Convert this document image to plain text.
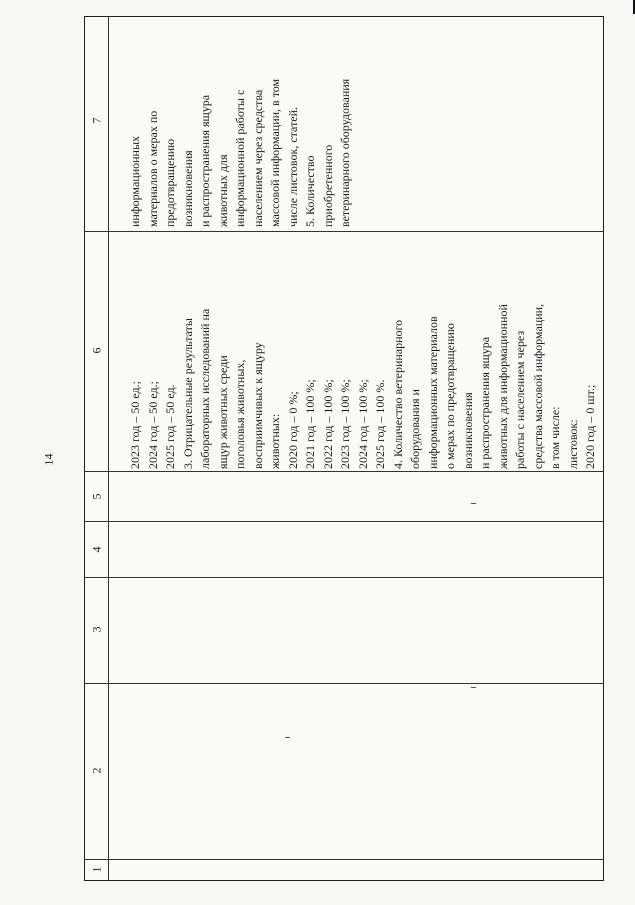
14
7
6
5
4
3
2
1
информационных материалов о мерах по предотвращению возникновения и распространения ящура животных для информационной работы с населением через средства массовой информации, в том числе листовок, статей. 5. Количество приобретенного ветеринарного оборудования
2023 год – 50 ед.; 2024 год – 50 ед.; 2025 год – 50 ед. 3. Отрицательные результаты лабораторных исследований на ящур животных среди поголовья животных, восприимчивых к ящуру животных: 2020 год – 0 %; 2021 год – 100 %; 2022 год – 100 %; 2023 год – 100 %; 2024 год – 100 %; 2025 год – 100 %. 4. Количество ветеринарного оборудования и информационных материалов о мерах по предотвращению возникновения и распространения ящура животных для информационной работы с населением через средства массовой информации, в том числе: листовок: 2020 год – 0 шт.;
